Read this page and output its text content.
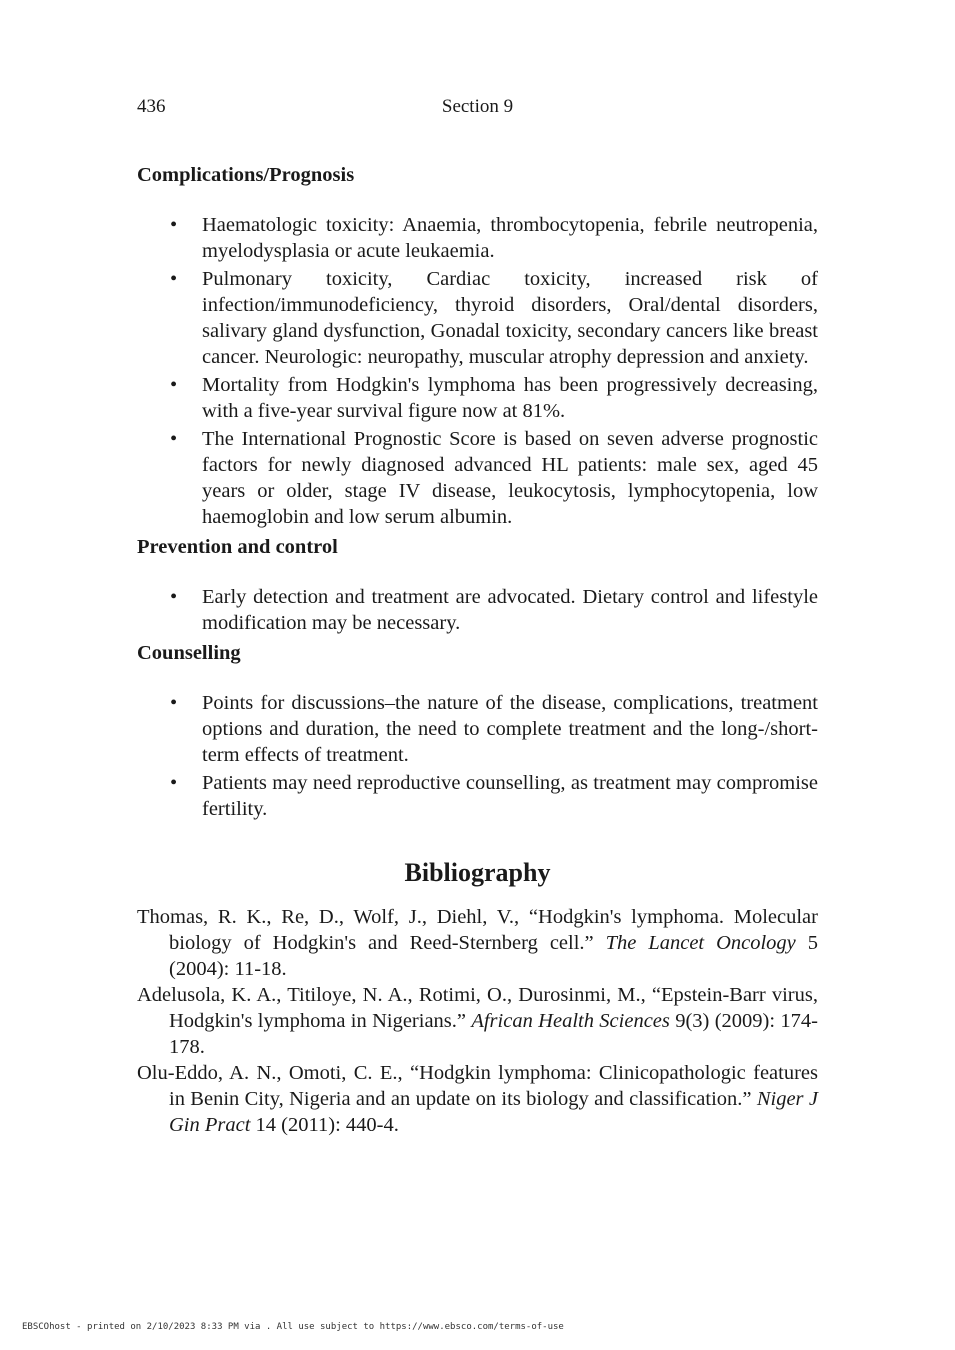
436	Section 9
Complications/Prognosis
• Haematologic toxicity: Anaemia, thrombocytopenia, febrile neutropenia, myelodysplasia or acute leukaemia.
• Pulmonary toxicity, Cardiac toxicity, increased risk of infection/immunodeficiency, thyroid disorders, Oral/dental disorders, salivary gland dysfunction, Gonadal toxicity, secondary cancers like breast cancer. Neurologic: neuropathy, muscular atrophy depression and anxiety.
• Mortality from Hodgkin's lymphoma has been progressively decreasing, with a five-year survival figure now at 81%.
• The International Prognostic Score is based on seven adverse prognostic factors for newly diagnosed advanced HL patients: male sex, aged 45 years or older, stage IV disease, leukocytosis, lymphocytopenia, low haemoglobin and low serum albumin.
Prevention and control
• Early detection and treatment are advocated. Dietary control and lifestyle modification may be necessary.
Counselling
• Points for discussions–the nature of the disease, complications, treatment options and duration, the need to complete treatment and the long-/short-term effects of treatment.
• Patients may need reproductive counselling, as treatment may compromise fertility.
Bibliography

Thomas, R. K., Re, D., Wolf, J., Diehl, V., “Hodgkin's lymphoma. Molecular biology of Hodgkin's and Reed-Sternberg cell.” The Lancet Oncology 5 (2004): 11-18.

Adelusola, K. A., Titiloye, N. A., Rotimi, O., Durosinmi, M., “Epstein-Barr virus, Hodgkin's lymphoma in Nigerians.” African Health Sciences 9(3) (2009): 174-178.

Olu-Eddo, A. N., Omoti, C. E., “Hodgkin lymphoma: Clinicopathologic features in Benin City, Nigeria and an update on its biology and classification.” Niger J Gin Pract 14 (2011): 440-4.

EBSCOhost - printed on 2/10/2023 8:33 PM via . All use subject to https://www.ebsco.com/terms-of-use
